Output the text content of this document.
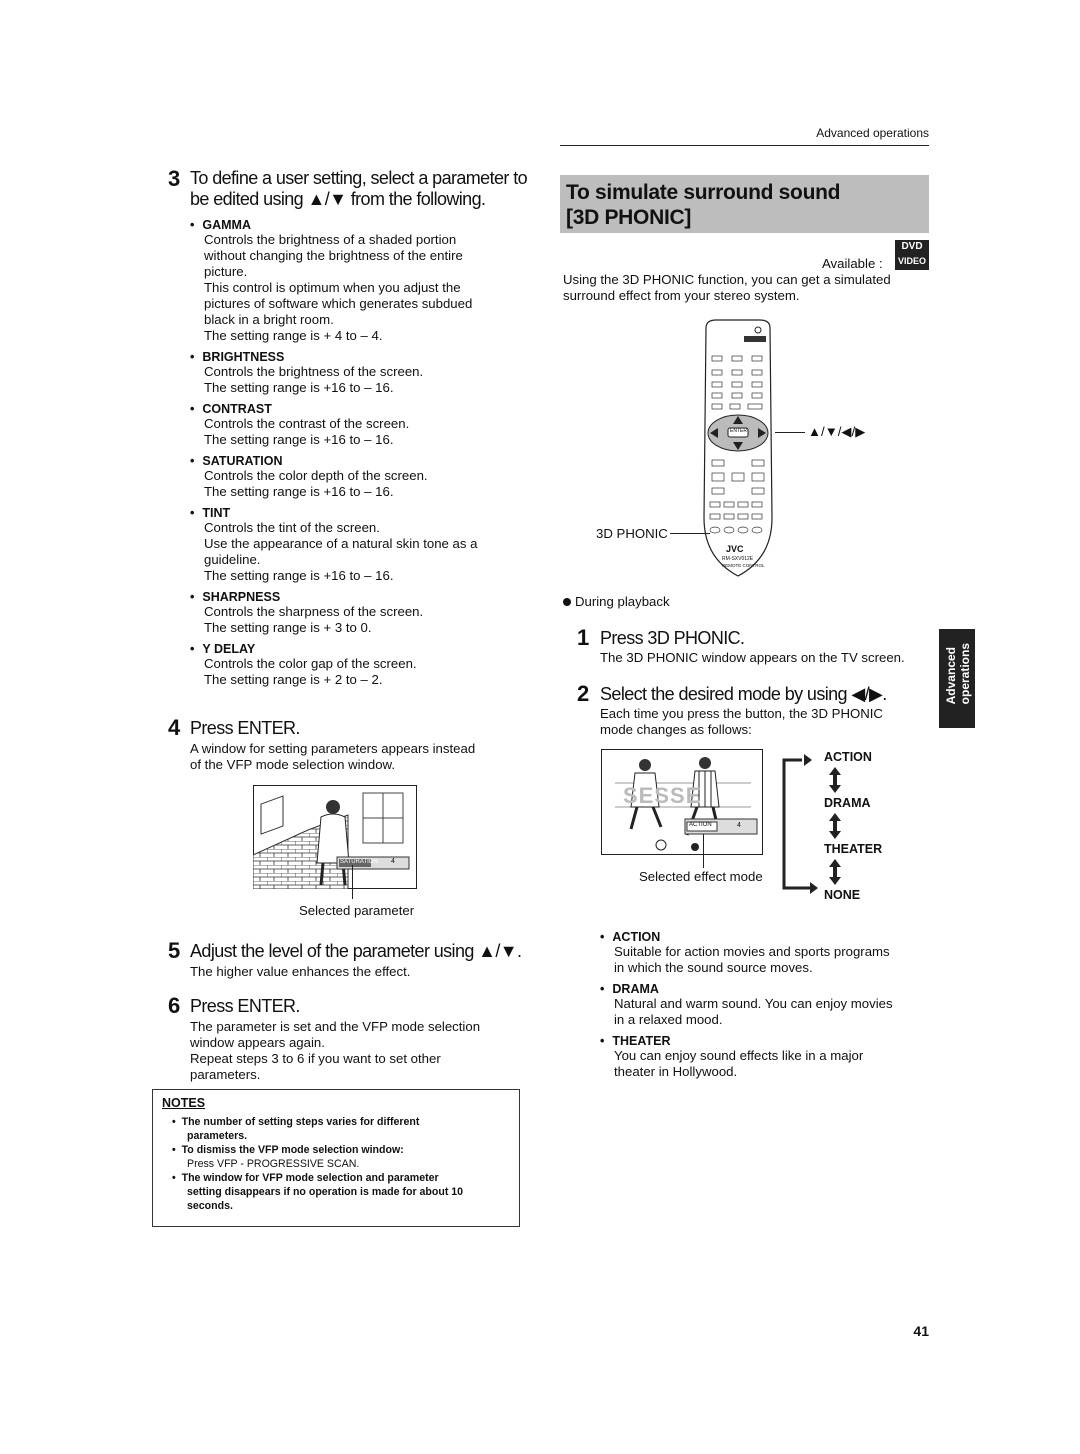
Advanced operations
3 To define a user setting, select a parameter to
be edited using ▲/▼ from the following.
• GAMMA
Controls the brightness of a shaded portion
without changing the brightness of the entire
picture.
This control is optimum when you adjust the
pictures of software which generates subdued
black in a bright room.
The setting range is + 4 to – 4.
• BRIGHTNESS
Controls the brightness of the screen.
The setting range is +16 to – 16.
• CONTRAST
Controls the contrast of the screen.
The setting range is +16 to – 16.
• SATURATION
Controls the color depth of the screen.
The setting range is +16 to – 16.
• TINT
Controls the tint of the screen.
Use the appearance of a natural skin tone as a
guideline.
The setting range is +16 to – 16.
• SHARPNESS
Controls the sharpness of the screen.
The setting range is + 3 to 0.
• Y DELAY
Controls the color gap of the screen.
The setting range is + 2 to – 2.
4 Press ENTER.
A window for setting parameters appears instead
of the VFP mode selection window.
SATURATION 4
Selected parameter
5 Adjust the level of the parameter using ▲/▼.
The higher value enhances the effect.
6 Press ENTER.
The parameter is set and the VFP mode selection
window appears again.
Repeat steps 3 to 6 if you want to set other
parameters.
NOTES
•  The number of setting steps varies for different
parameters.
•  To dismiss the VFP mode selection window:
Press VFP - PROGRESSIVE SCAN.
•  The window for VFP mode selection and parameter
setting disappears if no operation is made for about 10
seconds.
To simulate surround sound
[3D PHONIC]
Available :
DVD
VIDEO
Using the 3D PHONIC function, you can get a simulated
surround effect from your stereo system.
ENTER
JVC
RM-SXV012E
REMOTE CONTROL
▲/▼/◀/▶
3D PHONIC
During playback
1 Press 3D PHONIC.
The 3D PHONIC window appears on the TV screen.
2 Select the desired mode by using ◀/▶.
Each time you press the button, the 3D PHONIC
mode changes as follows:
SESSE
ACTION	4
Selected effect mode
ACTION
DRAMA
THEATER
NONE
• ACTION
Suitable for action movies and sports programs
in which the sound source moves.
• DRAMA
Natural and warm sound. You can enjoy movies
in a relaxed mood.
• THEATER
You can enjoy sound effects like in a major
theater in Hollywood.
Advanced operations
41
